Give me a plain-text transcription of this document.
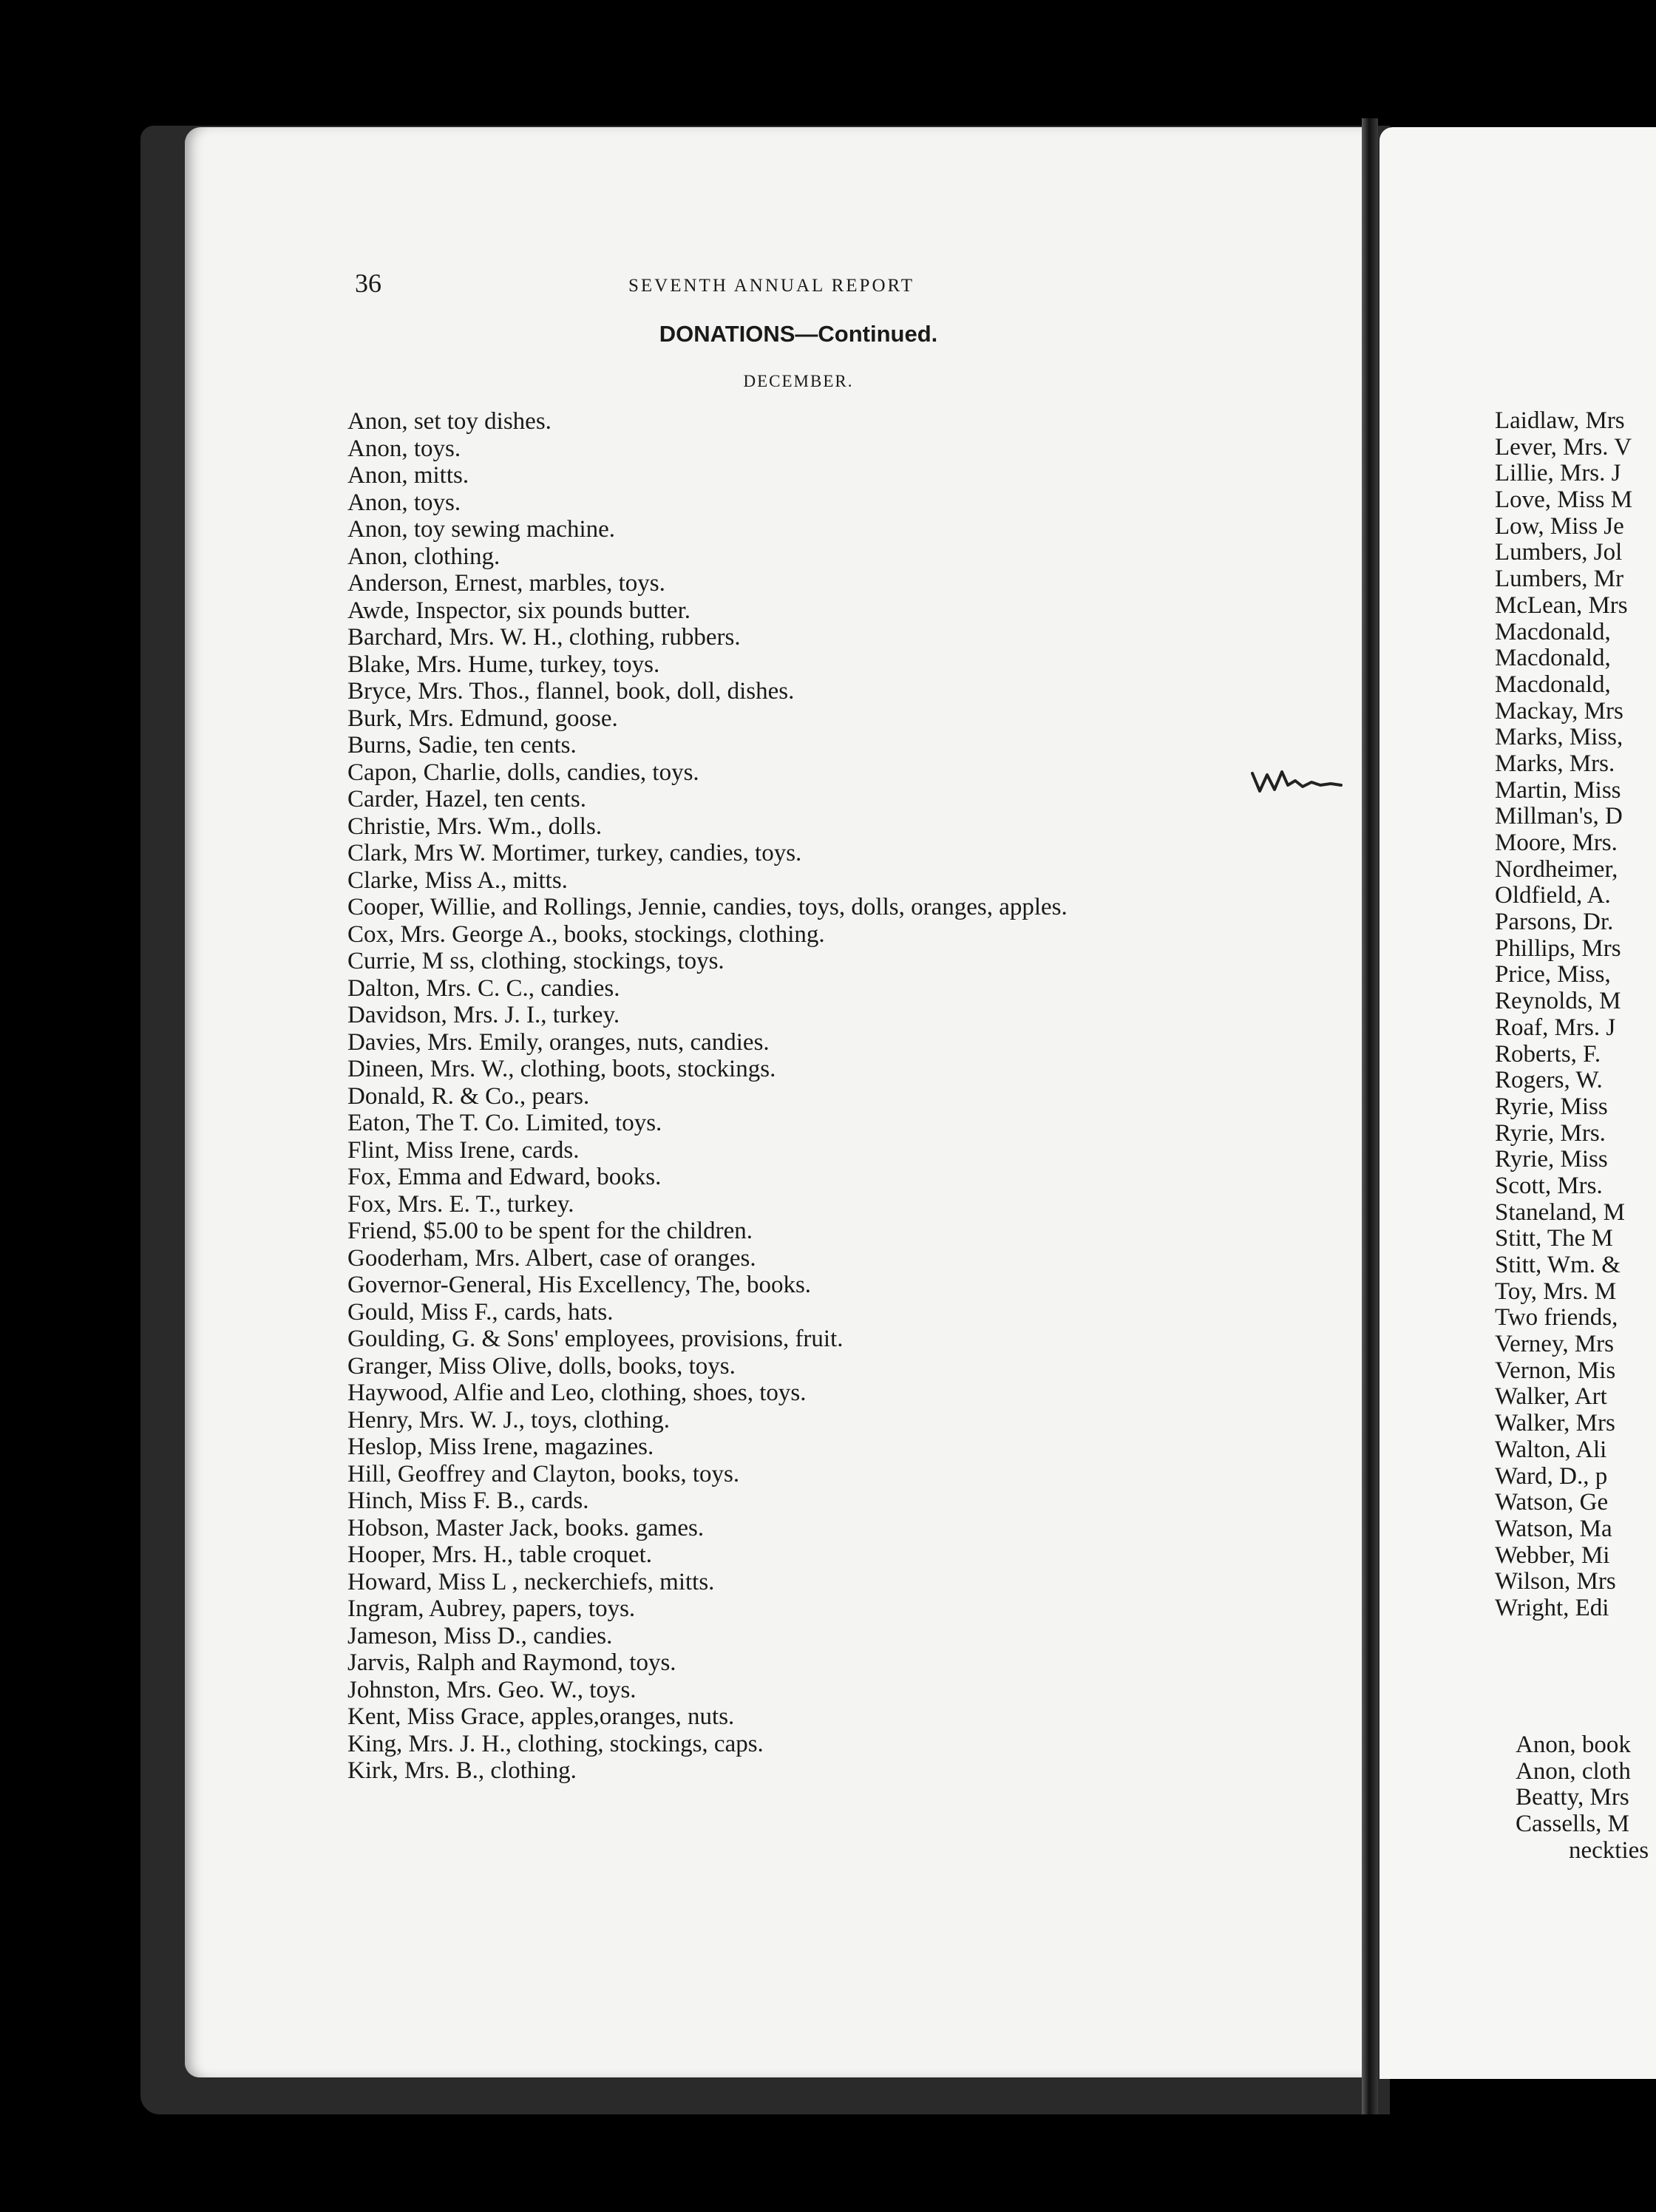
36	SEVENTH ANNUAL REPORT
DONATIONS—Continued.
DECEMBER.
Anon, set toy dishes.
Anon, toys.
Anon, mitts.
Anon, toys.
Anon, toy sewing machine.
Anon, clothing.
Anderson, Ernest, marbles, toys.
Awde, Inspector, six pounds butter.
Barchard, Mrs. W. H., clothing, rubbers.
Blake, Mrs. Hume, turkey, toys.
Bryce, Mrs. Thos., flannel, book, doll, dishes.
Burk, Mrs. Edmund, goose.
Burns, Sadie, ten cents.
Capon, Charlie, dolls, candies, toys.
Carder, Hazel, ten cents.
Christie, Mrs. Wm., dolls.
Clark, Mrs W. Mortimer, turkey, candies, toys.
Clarke, Miss A., mitts.
Cooper, Willie, and Rollings, Jennie, candies, toys, dolls, oranges, apples.
Cox, Mrs. George A., books, stockings, clothing.
Currie, M ss, clothing, stockings, toys.
Dalton, Mrs. C. C., candies.
Davidson, Mrs. J. I., turkey.
Davies, Mrs. Emily, oranges, nuts, candies.
Dineen, Mrs. W., clothing, boots, stockings.
Donald, R. & Co., pears.
Eaton, The T. Co. Limited, toys.
Flint, Miss Irene, cards.
Fox, Emma and Edward, books.
Fox, Mrs. E. T., turkey.
Friend, $5.00 to be spent for the children.
Gooderham, Mrs. Albert, case of oranges.
Governor-General, His Excellency, The, books.
Gould, Miss F., cards, hats.
Goulding, G. & Sons' employees, provisions, fruit.
Granger, Miss Olive, dolls, books, toys.
Haywood, Alfie and Leo, clothing, shoes, toys.
Henry, Mrs. W. J., toys, clothing.
Heslop, Miss Irene, magazines.
Hill, Geoffrey and Clayton, books, toys.
Hinch, Miss F. B., cards.
Hobson, Master Jack, books. games.
Hooper, Mrs. H., table croquet.
Howard, Miss L , neckerchiefs, mitts.
Ingram, Aubrey, papers, toys.
Jameson, Miss D., candies.
Jarvis, Ralph and Raymond, toys.
Johnston, Mrs. Geo. W., toys.
Kent, Miss Grace, apples,oranges, nuts.
King, Mrs. J. H., clothing, stockings, caps.
Kirk, Mrs. B., clothing.
Laidlaw, Mrs
Lever, Mrs. V
Lillie, Mrs. J
Love, Miss M
Low, Miss Je
Lumbers, Jol
Lumbers, Mr
McLean, Mrs
Macdonald,
Macdonald,
Macdonald,
Mackay, Mrs
Marks, Miss,
Marks, Mrs.
Martin, Miss
Millman's, D
Moore, Mrs.
Nordheimer,
Oldfield, A.
Parsons, Dr.
Phillips, Mrs
Price, Miss,
Reynolds, M
Roaf, Mrs. J
Roberts, F.
Rogers, W.
Ryrie, Miss
Ryrie, Mrs.
Ryrie, Miss
Scott, Mrs.
Staneland, M
Stitt, The M
Stitt, Wm. &
Toy, Mrs. M
Two friends,
Verney, Mrs
Vernon, Mis
Walker, Art
Walker, Mrs
Walton, Ali
Ward, D., p
Watson, Ge
Watson, Ma
Webber, Mi
Wilson, Mrs
Wright, Edi
Anon, book
Anon, cloth
Beatty, Mrs
Cassells, M
neckties
